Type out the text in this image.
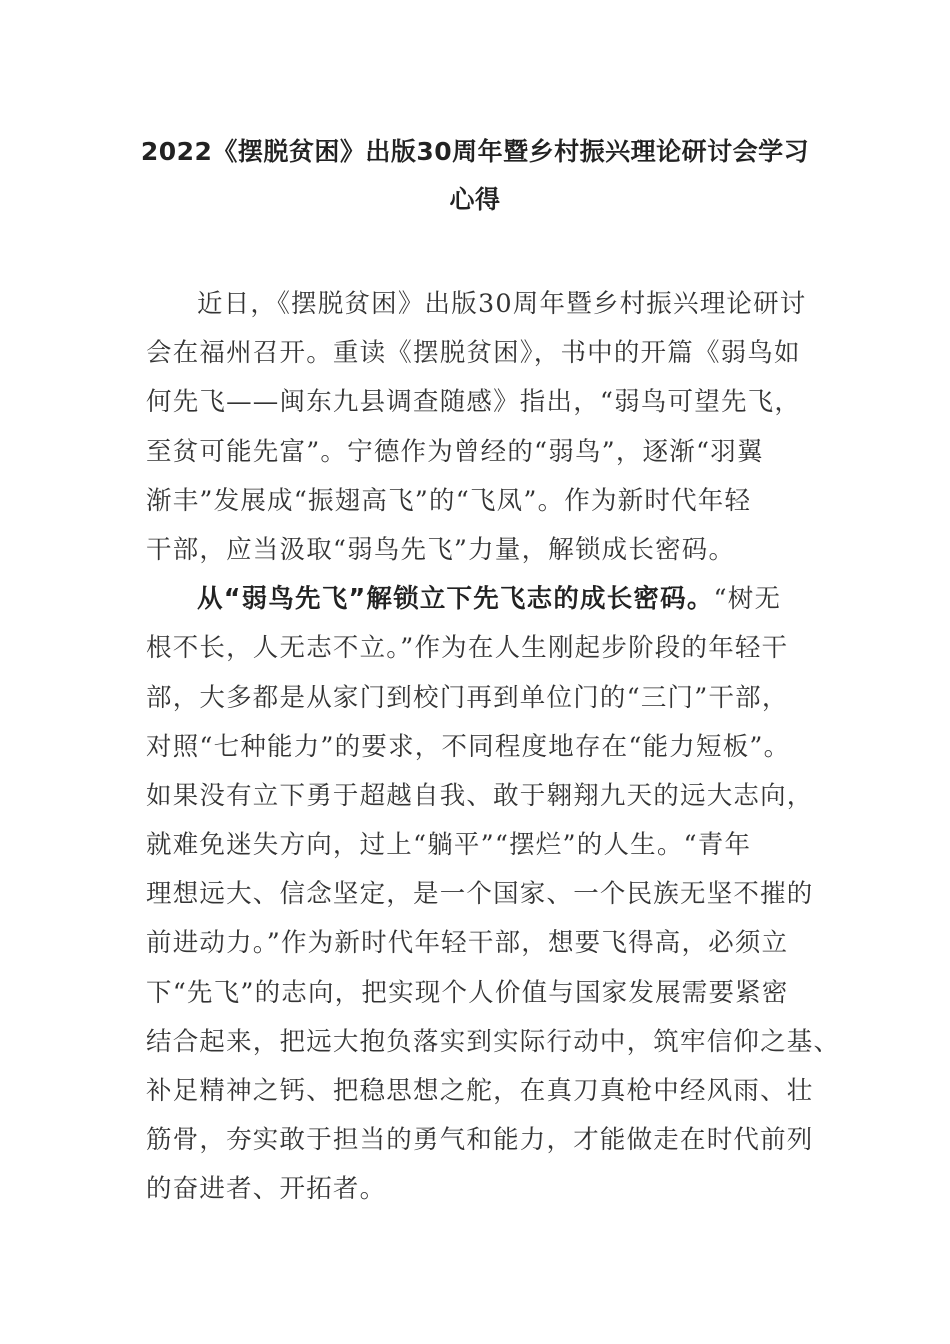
2022《摆脱贫困》出版30周年暨乡村振兴理论研讨会学习
心得
近日，《摆脱贫困》出版30周年暨乡村振兴理论研讨
会在福州召开。重读《摆脱贫困》，书中的开篇《弱鸟如
何先飞——闽东九县调查随感》指出，“弱鸟可望先飞，
至贫可能先富”。宁德作为曾经的“弱鸟”，逐渐“羽翼
渐丰”发展成“振翅高飞”的“飞凤”。作为新时代年轻
干部，应当汲取“弱鸟先飞”力量，解锁成长密码。
从“弱鸟先飞”解锁立下先飞志的成长密码。“树无
根不长，人无志不立。”作为在人生刚起步阶段的年轻干
部，大多都是从家门到校门再到单位门的“三门”干部，
对照“七种能力”的要求，不同程度地存在“能力短板”。
如果没有立下勇于超越自我、敢于翱翔九天的远大志向，
就难免迷失方向，过上“躺平”“摆烂”的人生。“青年
理想远大、信念坚定，是一个国家、一个民族无坚不摧的
前进动力。”作为新时代年轻干部，想要飞得高，必须立
下“先飞”的志向，把实现个人价值与国家发展需要紧密
结合起来，把远大抱负落实到实际行动中，筑牢信仰之基、
补足精神之钙、把稳思想之舵，在真刀真枪中经风雨、壮
筋骨，夯实敢于担当的勇气和能力，才能做走在时代前列
的奋进者、开拓者。
